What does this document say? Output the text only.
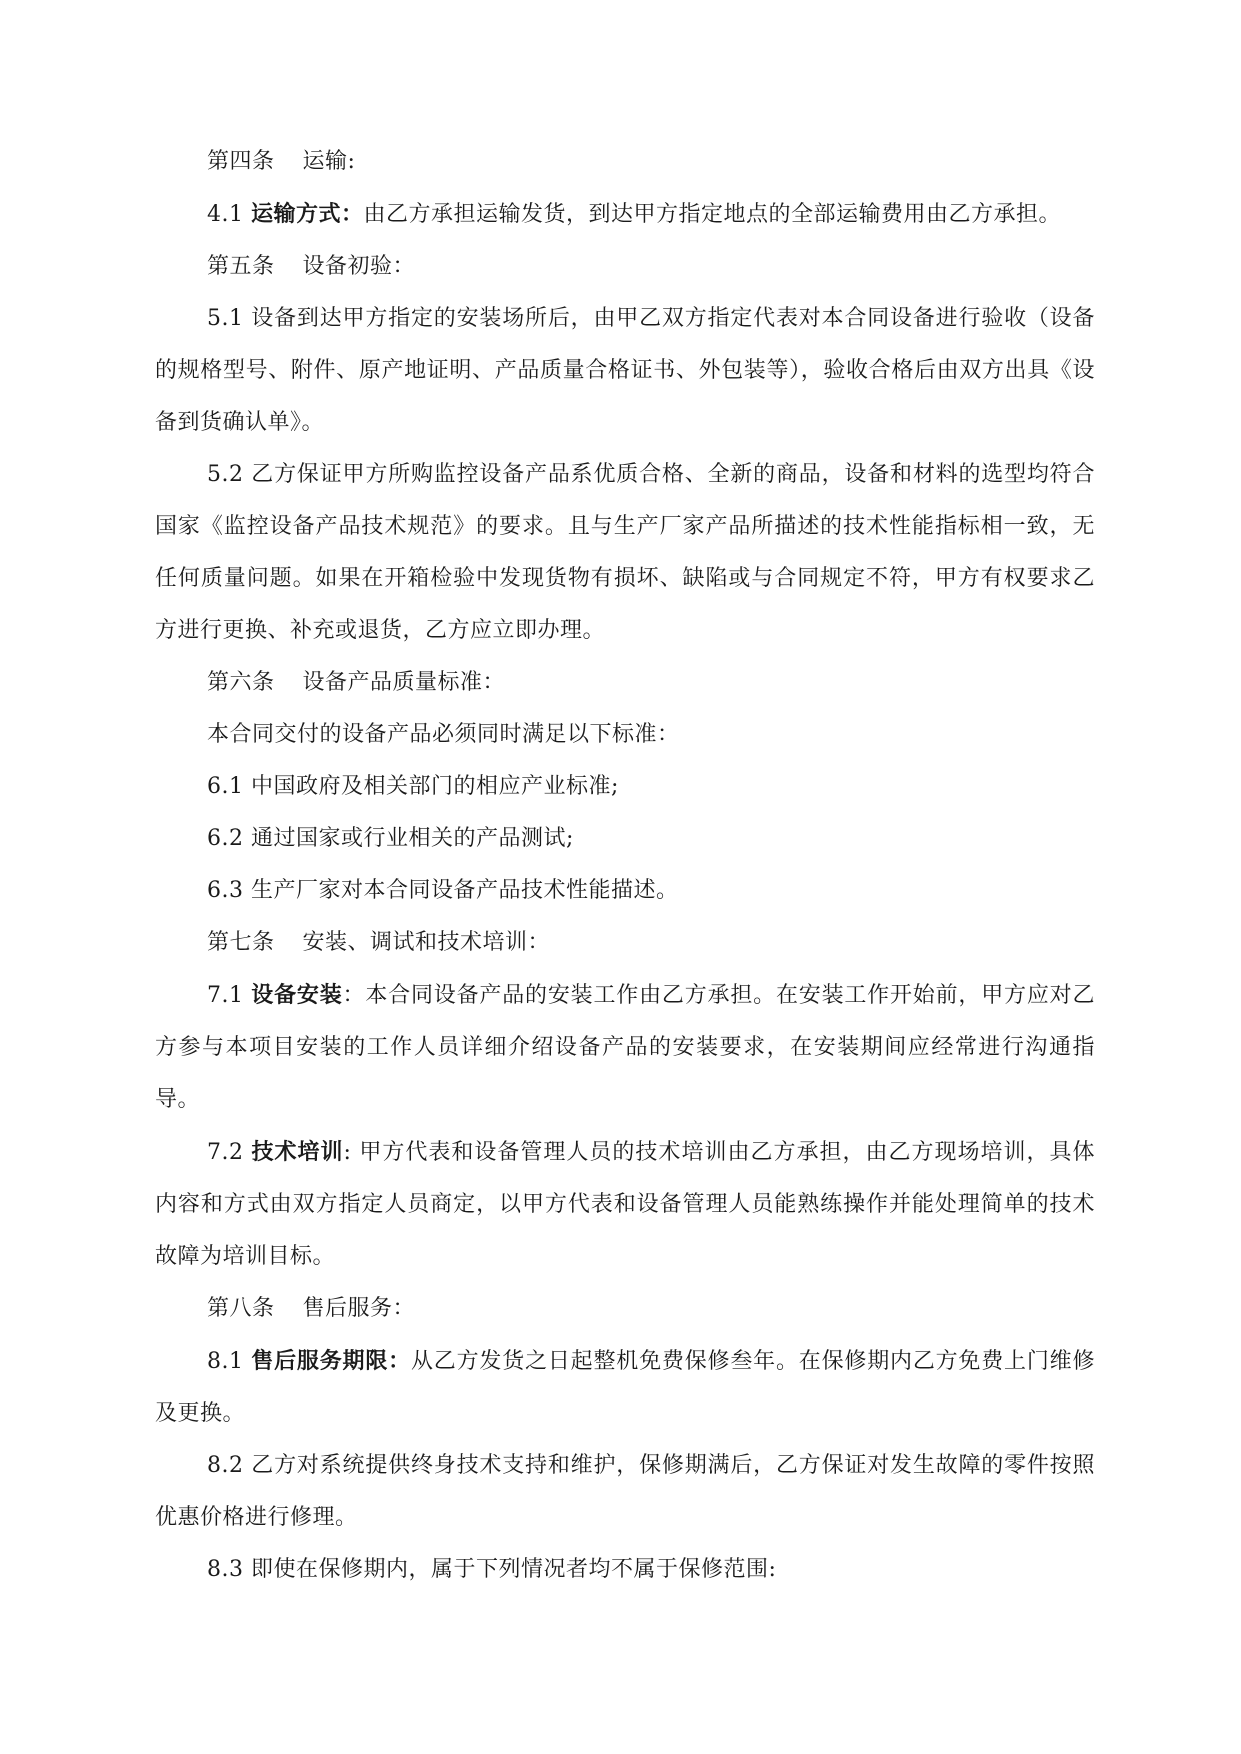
第四条 运输:

4.1 运输方式：由乙方承担运输发货，到达甲方指定地点的全部运输费用由乙方承担。

第五条 设备初验：

5.1 设备到达甲方指定的安装场所后，由甲乙双方指定代表对本合同设备进行验收（设备的规格型号、附件、原产地证明、产品质量合格证书、外包装等），验收合格后由双方出具《设备到货确认单》。

5.2 乙方保证甲方所购监控设备产品系优质合格、全新的商品，设备和材料的选型均符合国家《监控设备产品技术规范》的要求。且与生产厂家产品所描述的技术性能指标相一致，无任何质量问题。如果在开箱检验中发现货物有损坏、缺陷或与合同规定不符，甲方有权要求乙方进行更换、补充或退货，乙方应立即办理。

第六条 设备产品质量标准：

本合同交付的设备产品必须同时满足以下标准：

6.1 中国政府及相关部门的相应产业标准;

6.2 通过国家或行业相关的产品测试;

6.3 生产厂家对本合同设备产品技术性能描述。

第七条 安装、调试和技术培训：

7.1 设备安装：本合同设备产品的安装工作由乙方承担。在安装工作开始前，甲方应对乙方参与本项目安装的工作人员详细介绍设备产品的安装要求，在安装期间应经常进行沟通指导。

7.2 技术培训: 甲方代表和设备管理人员的技术培训由乙方承担，由乙方现场培训，具体内容和方式由双方指定人员商定，以甲方代表和设备管理人员能熟练操作并能处理简单的技术故障为培训目标。

第八条 售后服务：

8.1 售后服务期限：从乙方发货之日起整机免费保修叁年。在保修期内乙方免费上门维修及更换。

8.2 乙方对系统提供终身技术支持和维护，保修期满后，乙方保证对发生故障的零件按照优惠价格进行修理。

8.3 即使在保修期内，属于下列情况者均不属于保修范围:
